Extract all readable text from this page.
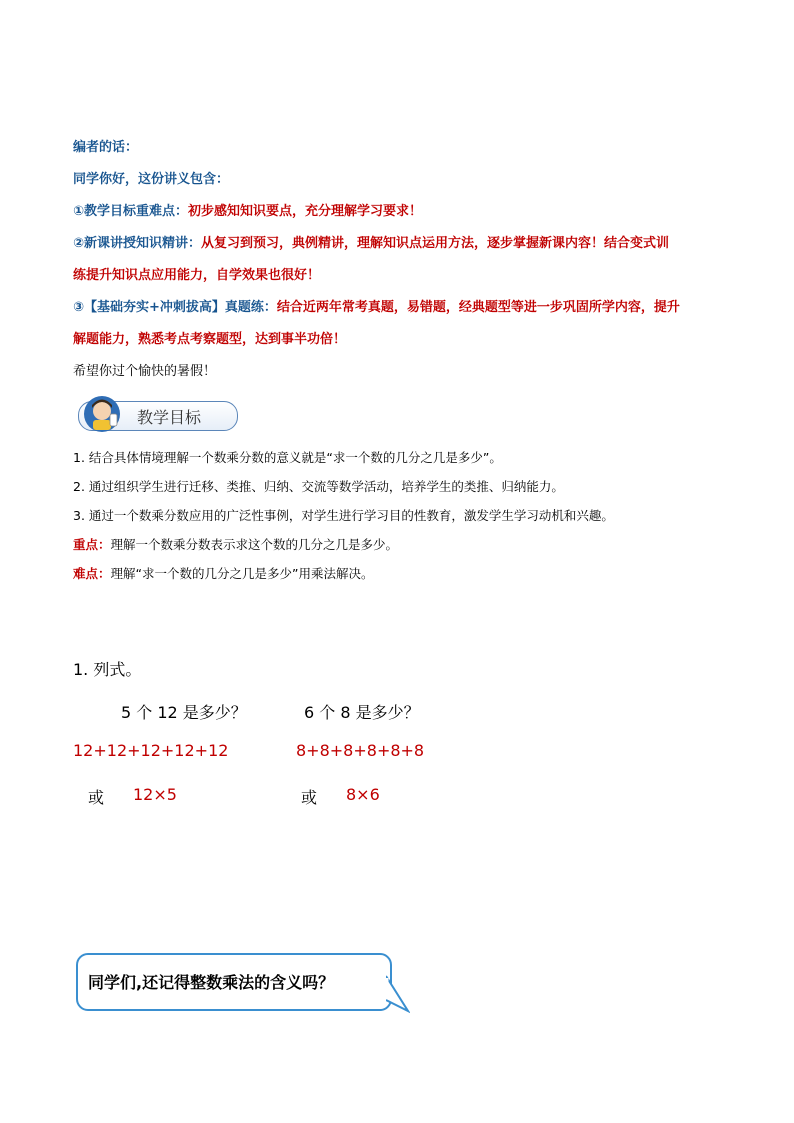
编者的话：
同学你好，这份讲义包含：
①教学目标重难点：初步感知知识要点，充分理解学习要求！
②新课讲授知识精讲：从复习到预习，典例精讲，理解知识点运用方法，逐步掌握新课内容！结合变式训
练提升知识点应用能力，自学效果也很好！
③【基础夯实+冲刺拔高】真题练：结合近两年常考真题，易错题，经典题型等进一步巩固所学内容，提升
解题能力，熟悉考点考察题型，达到事半功倍！
希望你过个愉快的暑假！
教学目标
1. 结合具体情境理解一个数乘分数的意义就是“求一个数的几分之几是多少”。
2. 通过组织学生进行迁移、类推、归纳、交流等数学活动，培养学生的类推、归纳能力。
3. 通过一个数乘分数应用的广泛性事例，对学生进行学习目的性教育，激发学生学习动机和兴趣。
重点：理解一个数乘分数表示求这个数的几分之几是多少。
难点：理解“求一个数的几分之几是多少”用乘法解决。
1. 列式。
5 个 12 是多少？	6 个 8 是多少？
12+12+12+12+12	8+8+8+8+8+8
或 12×5	或 8×6
同学们,还记得整数乘法的含义吗？
